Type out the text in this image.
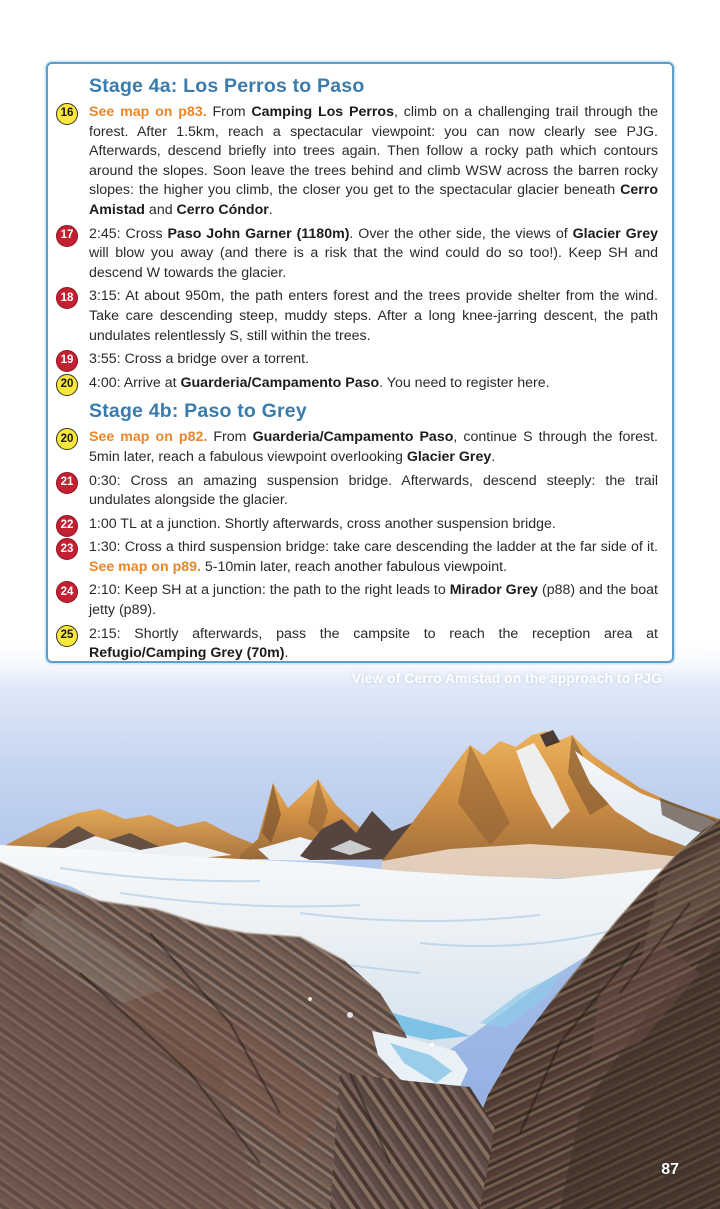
View of Cerro Amistad on the approach to PJG
87
Stage 4a: Los Perros to Paso
16	See map on p83. From Camping Los Perros, climb on a challenging trail through the forest. After 1.5km, reach a spectacular viewpoint: you can now clearly see PJG. Afterwards, descend briefly into trees again. Then follow a rocky path which contours around the slopes. Soon leave the trees behind and climb WSW across the barren rocky slopes: the higher you climb, the closer you get to the spectacular glacier beneath Cerro Amistad and Cerro Cóndor.

17	2:45: Cross Paso John Garner (1180m). Over the other side, the views of Glacier Grey will blow you away (and there is a risk that the wind could do so too!). Keep SH and descend W towards the glacier.

18	3:15: At about 950m, the path enters forest and the trees provide shelter from the wind. Take care descending steep, muddy steps. After a long knee-jarring descent, the path undulates relentlessly S, still within the trees.

19	3:55: Cross a bridge over a torrent.

20	4:00: Arrive at Guarderia/Campamento Paso. You need to register here.

Stage 4b: Paso to Grey
20	See map on p82. From Guarderia/Campamento Paso, continue S through the forest. 5min later, reach a fabulous viewpoint overlooking Glacier Grey.

21	0:30: Cross an amazing suspension bridge. Afterwards, descend steeply: the trail undulates alongside the glacier.

22	1:00 TL at a junction. Shortly afterwards, cross another suspension bridge.

23	1:30: Cross a third suspension bridge: take care descending the ladder at the far side of it. See map on p89. 5-10min later, reach another fabulous viewpoint.

24	2:10: Keep SH at a junction: the path to the right leads to Mirador Grey (p88) and the boat jetty (p89).

25	2:15: Shortly afterwards, pass the campsite to reach the reception area at Refugio/Camping Grey (70m).
